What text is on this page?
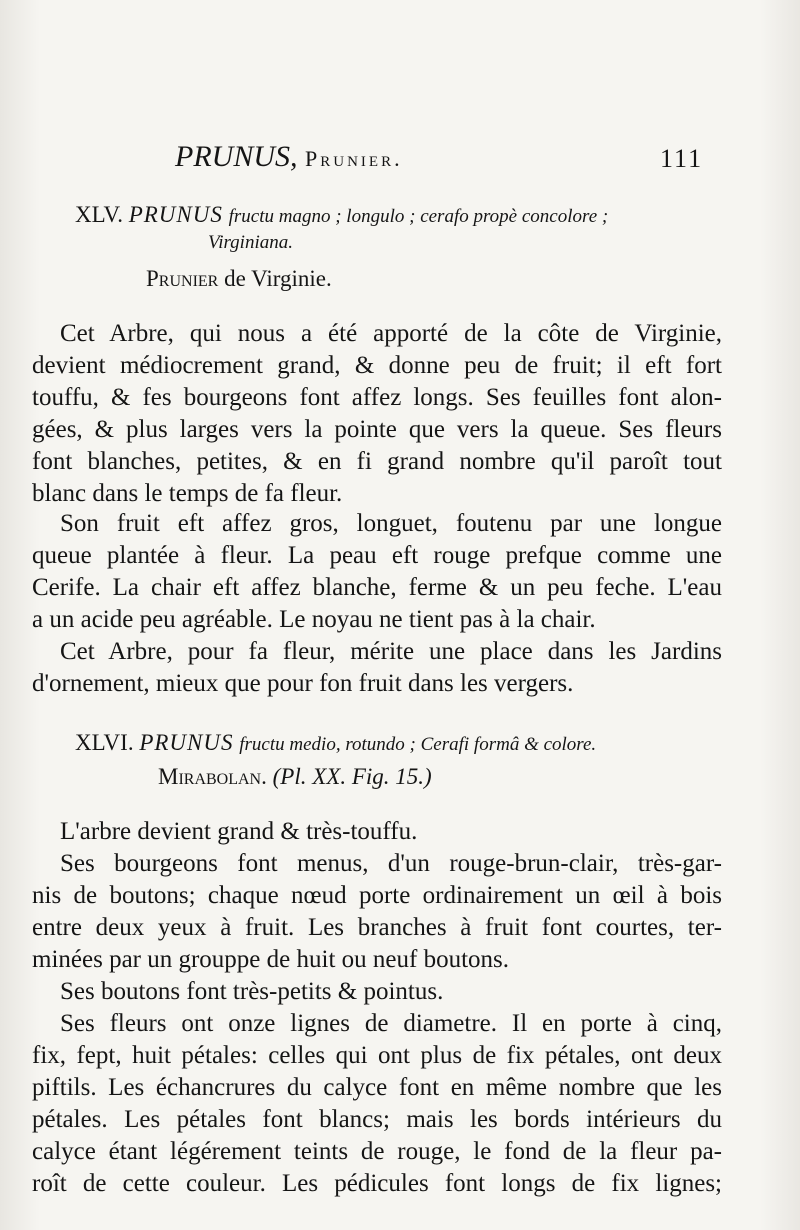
PRUNUS, Prunier.	111
XLV. PRUNUS fructu magno ; longulo ; cerafo propè concolore ;
Virginiana.
Prunier de Virginie.
Cet Arbre, qui nous a été apporté de la côte de Virginie,
devient médiocrement grand, & donne peu de fruit; il eft fort
touffu, & fes bourgeons font affez longs. Ses feuilles font alon-
gées, & plus larges vers la pointe que vers la queue. Ses fleurs
font blanches, petites, & en fi grand nombre qu'il paroît tout
blanc dans le temps de fa fleur.
Son fruit eft affez gros, longuet, foutenu par une longue
queue plantée à fleur. La peau eft rouge prefque comme une
Cerife. La chair eft affez blanche, ferme & un peu feche. L'eau
a un acide peu agréable. Le noyau ne tient pas à la chair.
Cet Arbre, pour fa fleur, mérite une place dans les Jardins
d'ornement, mieux que pour fon fruit dans les vergers.
XLVI. PRUNUS fructu medio, rotundo ; Cerafi formâ & colore.
Mirabolan. (Pl. XX. Fig. 15.)
L'arbre devient grand & très-touffu.
Ses bourgeons font menus, d'un rouge-brun-clair, très-gar-
nis de boutons; chaque nœud porte ordinairement un œil à bois
entre deux yeux à fruit. Les branches à fruit font courtes, ter-
minées par un grouppe de huit ou neuf boutons.
Ses boutons font très-petits & pointus.
Ses fleurs ont onze lignes de diametre. Il en porte à cinq,
fix, fept, huit pétales: celles qui ont plus de fix pétales, ont deux
piftils. Les échancrures du calyce font en même nombre que les
pétales. Les pétales font blancs; mais les bords intérieurs du
calyce étant légérement teints de rouge, le fond de la fleur pa-
roît de cette couleur. Les pédicules font longs de fix lignes;
